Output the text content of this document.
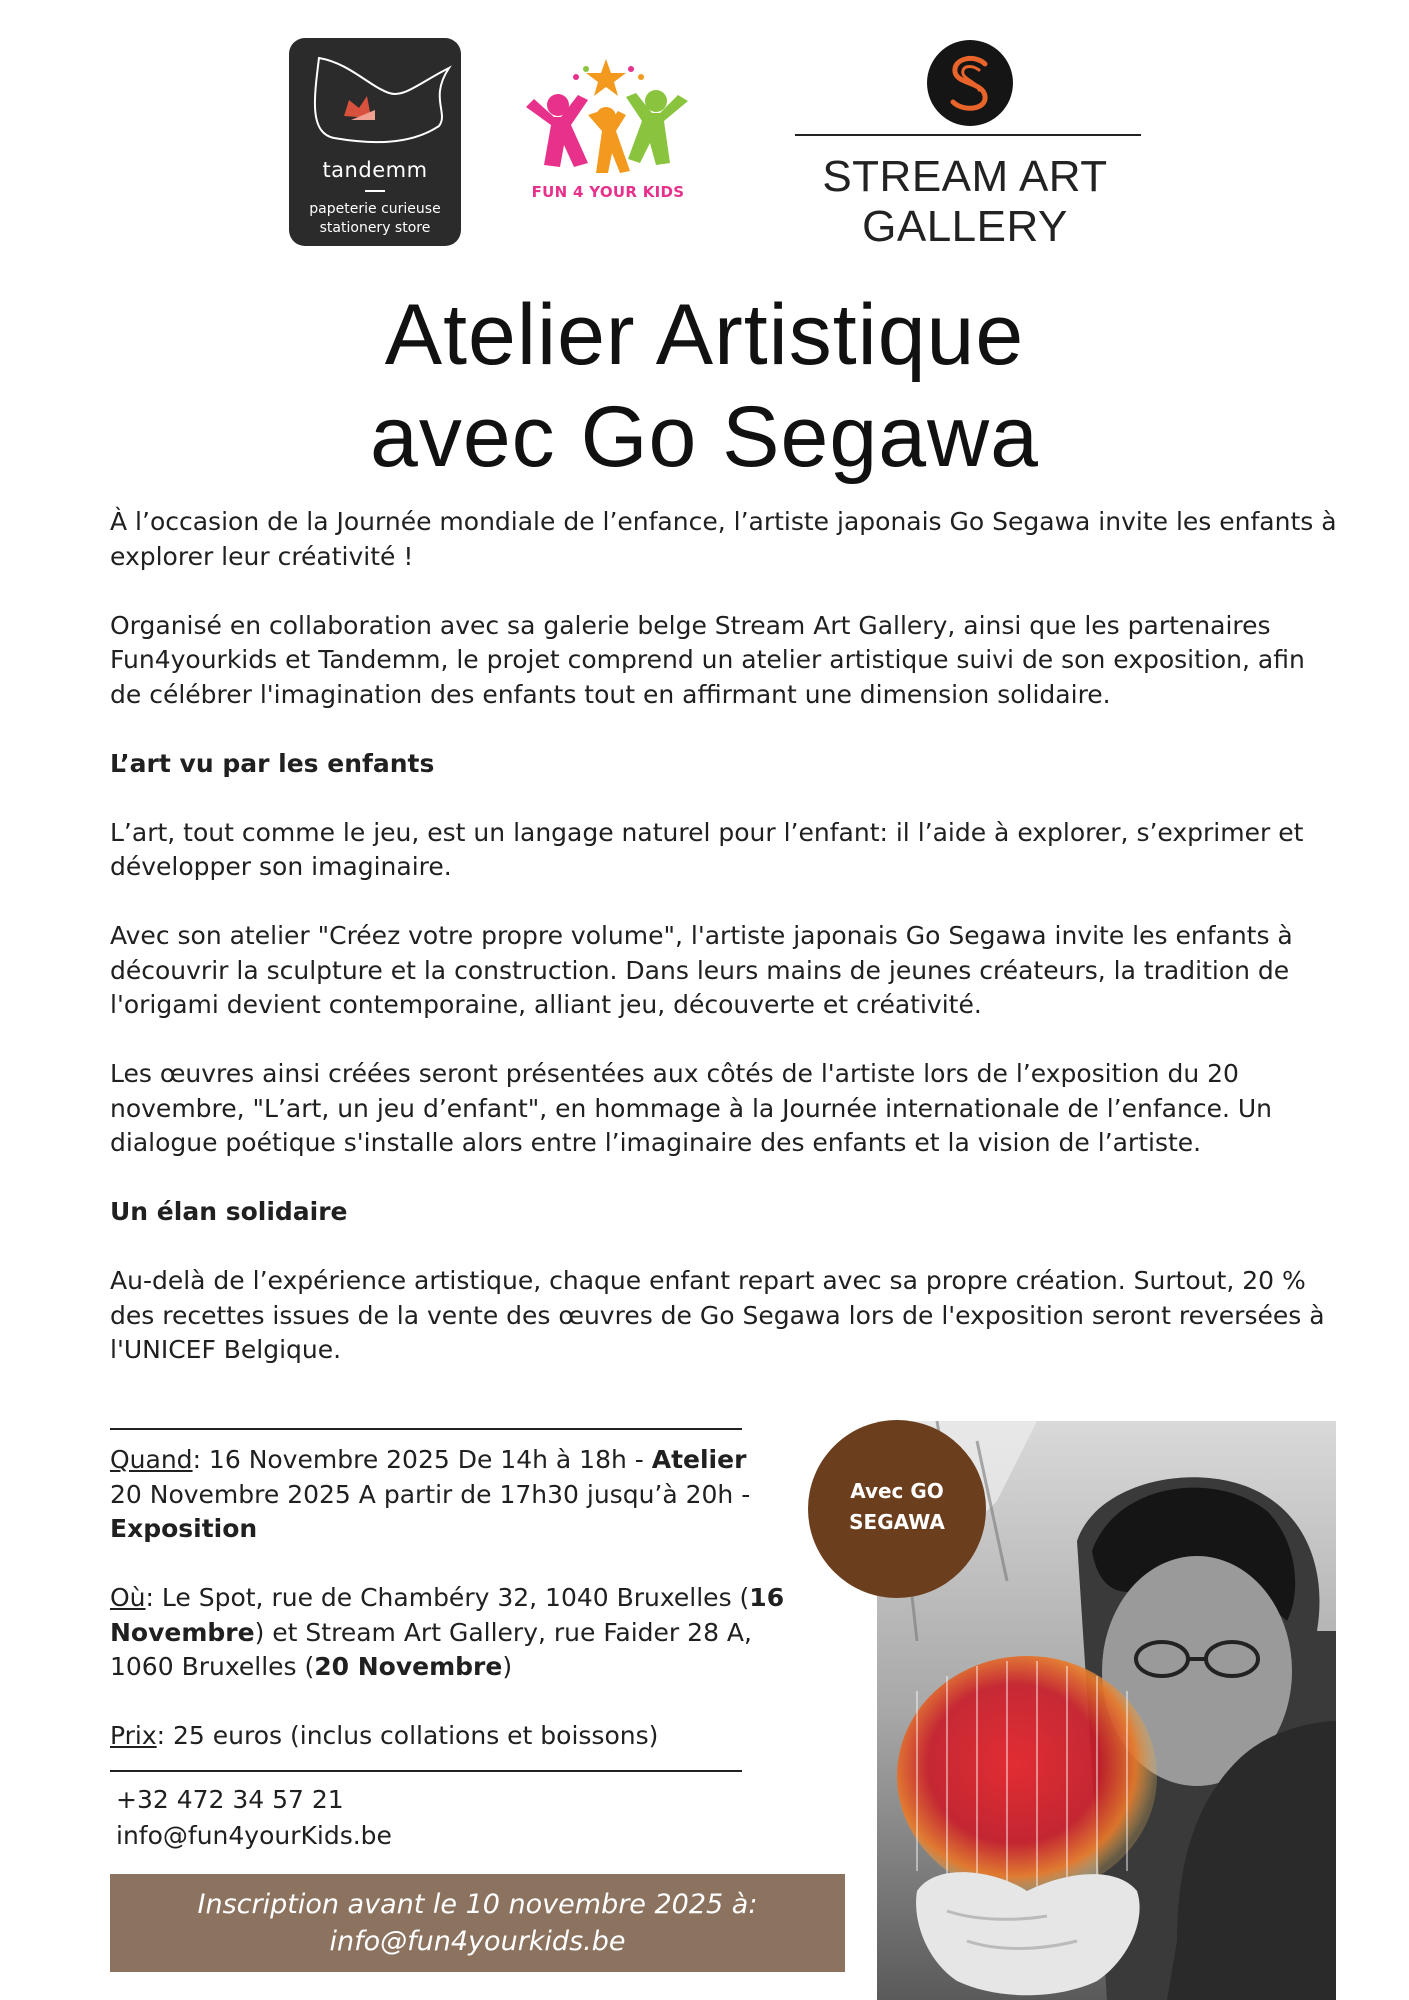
tandemm
papeterie curieuse
stationery store
FUN 4 YOUR KIDS	STREAM ART GALLERY
Atelier Artistique
avec Go Segawa

À l’occasion de la Journée mondiale de l’enfance, l’artiste japonais Go Segawa invite les enfants à explorer leur créativité !

Organisé en collaboration avec sa galerie belge Stream Art Gallery, ainsi que les partenaires Fun4yourkids et Tandemm, le projet comprend un atelier artistique suivi de son exposition, afin de célébrer l'imagination des enfants tout en affirmant une dimension solidaire.

L’art vu par les enfants

L’art, tout comme le jeu, est un langage naturel pour l’enfant: il l’aide à explorer, s’exprimer et développer son imaginaire.

Avec son atelier "Créez votre propre volume", l'artiste japonais Go Segawa invite les enfants à découvrir la sculpture et la construction. Dans leurs mains de jeunes créateurs, la tradition de l'origami devient contemporaine, alliant jeu, découverte et créativité.

Les œuvres ainsi créées seront présentées aux côtés de l'artiste lors de l’exposition du 20 novembre, "L’art, un jeu d’enfant", en hommage à la Journée internationale de l’enfance. Un dialogue poétique s'installe alors entre l’imaginaire des enfants et la vision de l’artiste.

Un élan solidaire

Au-delà de l’expérience artistique, chaque enfant repart avec sa propre création. Surtout, 20 % des recettes issues de la vente des œuvres de Go Segawa lors de l'exposition seront reversées à l'UNICEF Belgique.

Quand: 16 Novembre 2025 De 14h à 18h - Atelier
20 Novembre 2025 A partir de 17h30 jusqu’à 20h -
Exposition

Où: Le Spot, rue de Chambéry 32, 1040 Bruxelles (16 Novembre) et Stream Art Gallery, rue Faider 28 A, 1060 Bruxelles (20 Novembre)

Prix: 25 euros (inclus collations et boissons)

+32 472 34 57 21
info@fun4yourKids.be
Inscription avant le 10 novembre 2025 à:
info@fun4yourkids.be
Avec GO
SEGAWA
